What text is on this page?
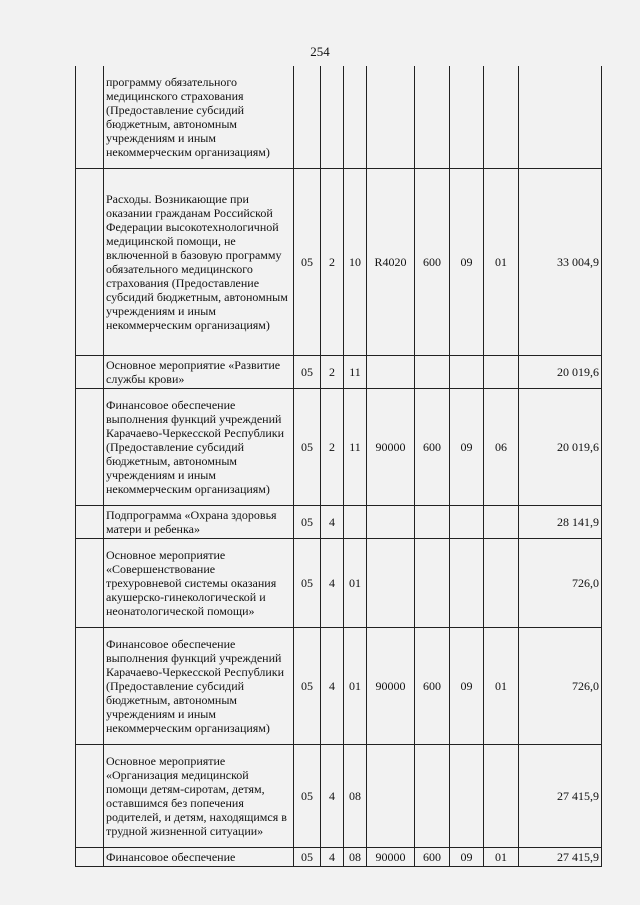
254
	программу обязательного медицинского страхования (Предоставление субсидий бюджетным, автономным учреждениям и иным некоммерческим организациям)								
	Расходы. Возникающие при оказании гражданам Российской Федерации высокотехнологичной медицинской помощи, не включенной в базовую программу обязательного медицинского страхования (Предоставление субсидий бюджетным, автономным учреждениям и иным некоммерческим организациям)	05	2	10	R4020	600	09	01	33 004,9
	Основное мероприятие «Развитие службы крови»	05	2	11					20 019,6
	Финансовое обеспечение выполнения функций учреждений Карачаево-Черкесской Республики (Предоставление субсидий бюджетным, автономным учреждениям и иным некоммерческим организациям)	05	2	11	90000	600	09	06	20 019,6
	Подпрограмма «Охрана здоровья матери и ребенка»	05	4						28 141,9
	Основное мероприятие «Совершенствование трехуровневой системы оказания акушерско-гинекологической и неонатологической помощи»	05	4	01					726,0
	Финансовое обеспечение выполнения функций учреждений Карачаево-Черкесской Республики (Предоставление субсидий бюджетным, автономным учреждениям и иным некоммерческим организациям)	05	4	01	90000	600	09	01	726,0
	Основное мероприятие «Организация медицинской помощи детям-сиротам, детям, оставшимся без попечения родителей, и детям, находящимся в трудной жизненной ситуации»	05	4	08					27 415,9
	Финансовое обеспечение	05	4	08	90000	600	09	01	27 415,9
